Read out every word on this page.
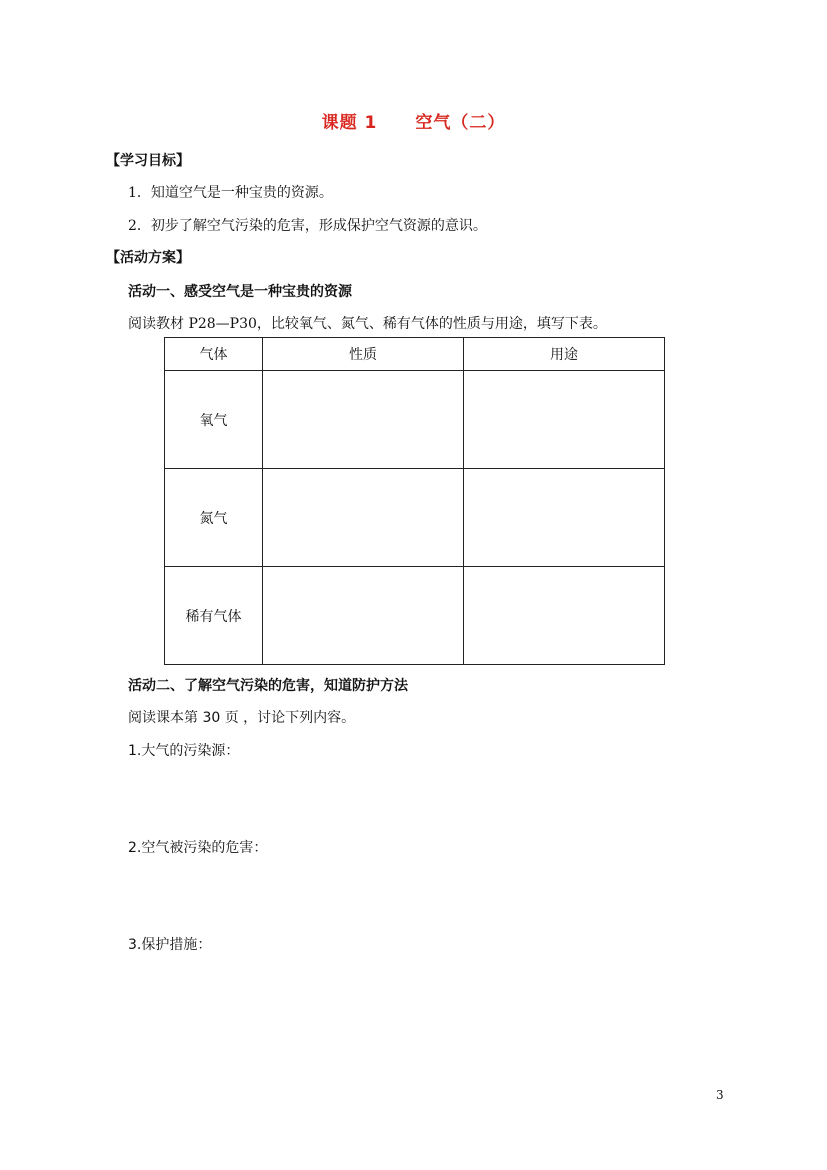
课题 1 空气（二）
【学习目标】
1．知道空气是一种宝贵的资源。
2．初步了解空气污染的危害，形成保护空气资源的意识。
【活动方案】
活动一、感受空气是一种宝贵的资源
阅读教材 P28—P30，比较氧气、氮气、稀有气体的性质与用途，填写下表。
气体	性质	用途
氧气		
氮气		
稀有气体		
活动二、了解空气污染的危害，知道防护方法
阅读课本第 30 页 ，讨论下列内容。
1.大气的污染源：
2.空气被污染的危害：
3.保护措施：
3
